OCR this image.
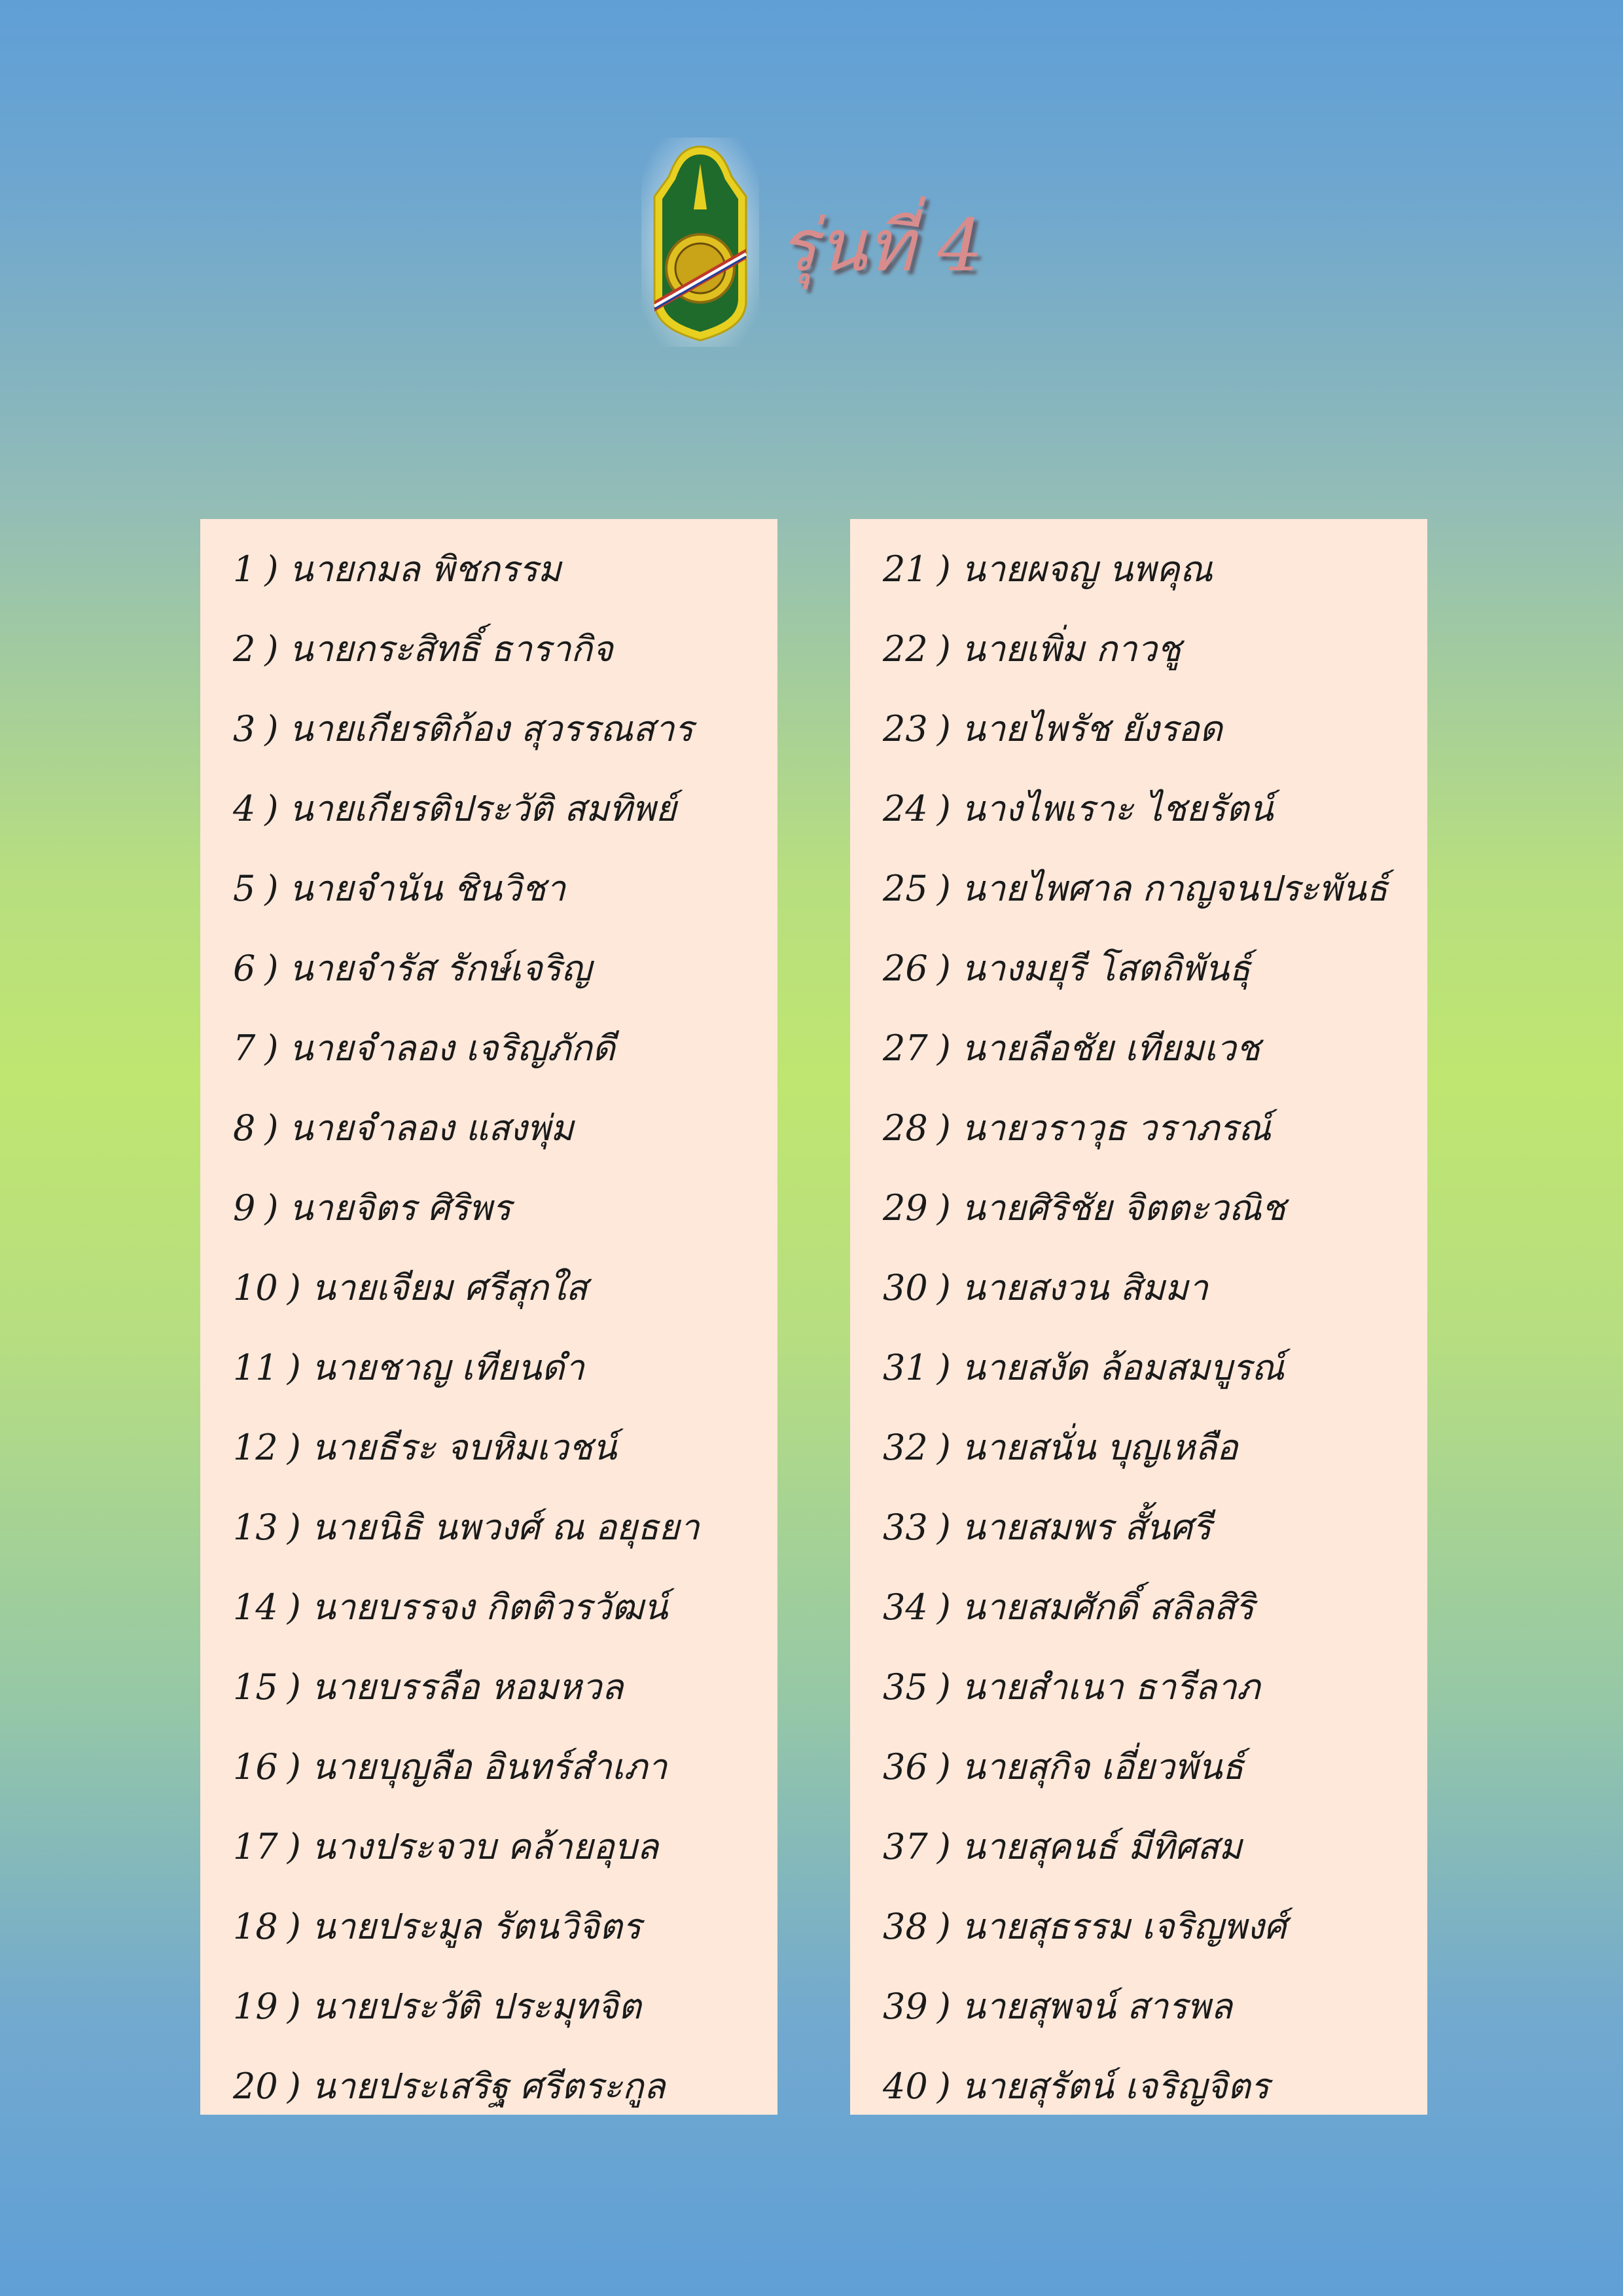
รุ่นที่ 4
1 ) นายกมล พิชกรรม
2 ) นายกระสิทธิ์ ธารากิจ
3 ) นายเกียรติก้อง สุวรรณสาร
4 ) นายเกียรติประวัติ สมทิพย์
5 ) นายจำนัน ชินวิชา
6 ) นายจำรัส รักษ์เจริญ
7 ) นายจำลอง เจริญภักดี
8 ) นายจำลอง แสงพุ่ม
9 ) นายจิตร ศิริพร
10 ) นายเจียม ศรีสุกใส
11 ) นายชาญ เทียนดำ
12 ) นายธีระ จบหิมเวชน์
13 ) นายนิธิ นพวงศ์ ณ อยุธยา
14 ) นายบรรจง กิตติวรวัฒน์
15 ) นายบรรลือ หอมหวล
16 ) นายบุญลือ อินทร์สำเภา
17 ) นางประจวบ คล้ายอุบล
18 ) นายประมูล รัตนวิจิตร
19 ) นายประวัติ ประมุทจิต
20 ) นายประเสริฐ ศรีตระกูล
21 ) นายผจญ นพคุณ
22 ) นายเพิ่ม กาวชู
23 ) นายไพรัช ยังรอด
24 ) นางไพเราะ ไชยรัตน์
25 ) นายไพศาล กาญจนประพันธ์
26 ) นางมยุรี โสตถิพันธุ์
27 ) นายลือชัย เทียมเวช
28 ) นายวราวุธ วราภรณ์
29 ) นายศิริชัย จิตตะวณิช
30 ) นายสงวน สิมมา
31 ) นายสงัด ล้อมสมบูรณ์
32 ) นายสนั่น บุญเหลือ
33 ) นายสมพร สั้นศรี
34 ) นายสมศักดิ์ สลิลสิริ
35 ) นายสำเนา ธารีลาภ
36 ) นายสุกิจ เอี่ยวพันธ์
37 ) นายสุคนธ์ มีทิศสม
38 ) นายสุธรรม เจริญพงศ์
39 ) นายสุพจน์ สารพล
40 ) นายสุรัตน์ เจริญจิตร
